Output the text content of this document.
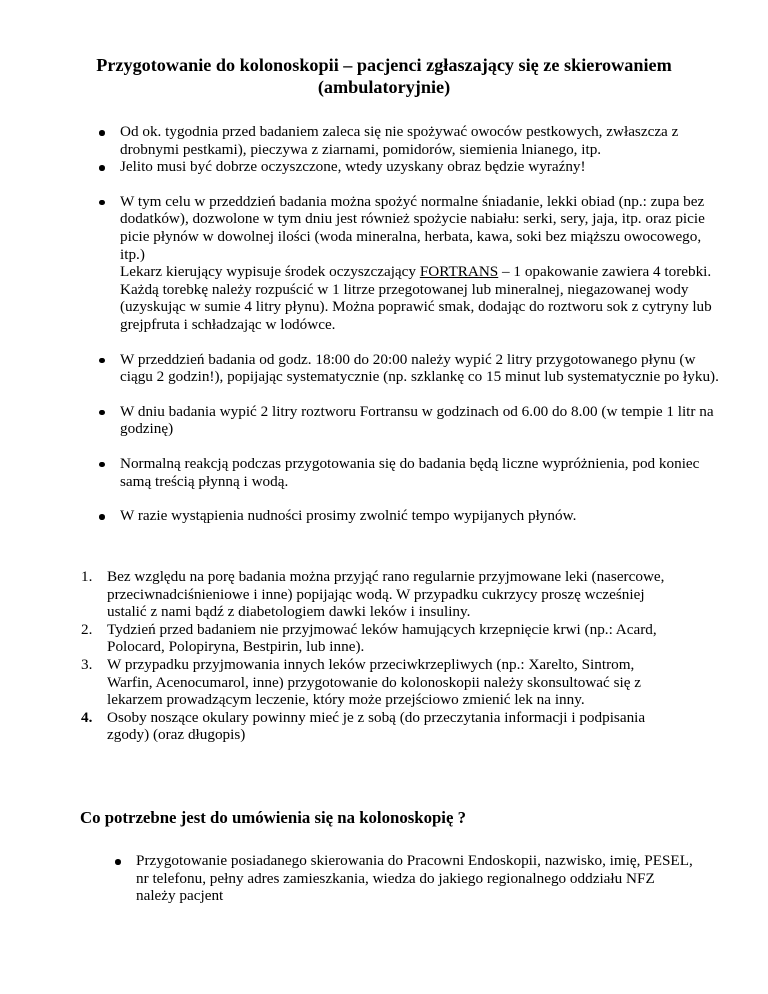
Przygotowanie do kolonoskopii – pacjenci zgłaszający się ze skierowaniem (ambulatoryjnie)
Od ok. tygodnia przed badaniem zaleca się nie spożywać owoców pestkowych, zwłaszcza z drobnymi pestkami), pieczywa z ziarnami, pomidorów, siemienia lnianego, itp.
Jelito musi być dobrze oczyszczone, wtedy uzyskany obraz będzie wyraźny!
W tym celu w przeddzień badania można spożyć normalne śniadanie, lekki obiad (np.: zupa bez dodatków), dozwolone w tym dniu jest również spożycie nabiału: serki, sery, jaja, itp. oraz picie picie płynów w dowolnej ilości (woda mineralna, herbata, kawa, soki bez miąższu owocowego, itp.)
Lekarz kierujący wypisuje środek oczyszczający FORTRANS – 1 opakowanie zawiera 4 torebki. Każdą torebkę należy rozpuścić w 1 litrze przegotowanej lub mineralnej, niegazowanej wody (uzyskując w sumie 4 litry płynu). Można poprawić smak, dodając do roztworu sok z cytryny lub grejpfruta i schładzając w lodówce.
W przeddzień badania od godz. 18:00 do 20:00 należy wypić 2 litry przygotowanego płynu (w ciągu 2 godzin!), popijając systematycznie (np. szklankę co 15 minut lub systematycznie po łyku).
W dniu badania wypić 2 litry roztworu Fortransu w godzinach od 6.00 do 8.00 (w tempie 1 litr na godzinę)
Normalną reakcją podczas przygotowania się do badania będą liczne wypróżnienia, pod koniec samą treścią płynną i wodą.
W razie wystąpienia nudności prosimy zwolnić tempo wypijanych płynów.
1. Bez względu na porę badania można przyjąć rano regularnie przyjmowane leki (nasercowe, przeciwnadciśnieniowe i inne) popijając wodą. W przypadku cukrzycy proszę wcześniej ustalić z nami bądź z diabetologiem dawki leków i insuliny.
2. Tydzień przed badaniem nie przyjmować leków hamujących krzepnięcie krwi (np.: Acard, Polocard, Polopiryna, Bestpirin, lub inne).
3. W przypadku przyjmowania innych leków przeciwkrzepliwych (np.: Xarelto, Sintrom, Warfin, Acenocumarol, inne) przygotowanie do kolonoskopii należy skonsultować się z lekarzem prowadzącym leczenie, który może przejściowo zmienić lek na inny.
4. Osoby noszące okulary powinny mieć je z sobą (do przeczytania informacji i podpisania zgody) (oraz długopis)
Co potrzebne jest do umówienia się na kolonoskopię ?
Przygotowanie posiadanego skierowania do Pracowni Endoskopii, nazwisko, imię, PESEL, nr telefonu, pełny adres zamieszkania, wiedza do jakiego regionalnego oddziału NFZ należy pacjent
